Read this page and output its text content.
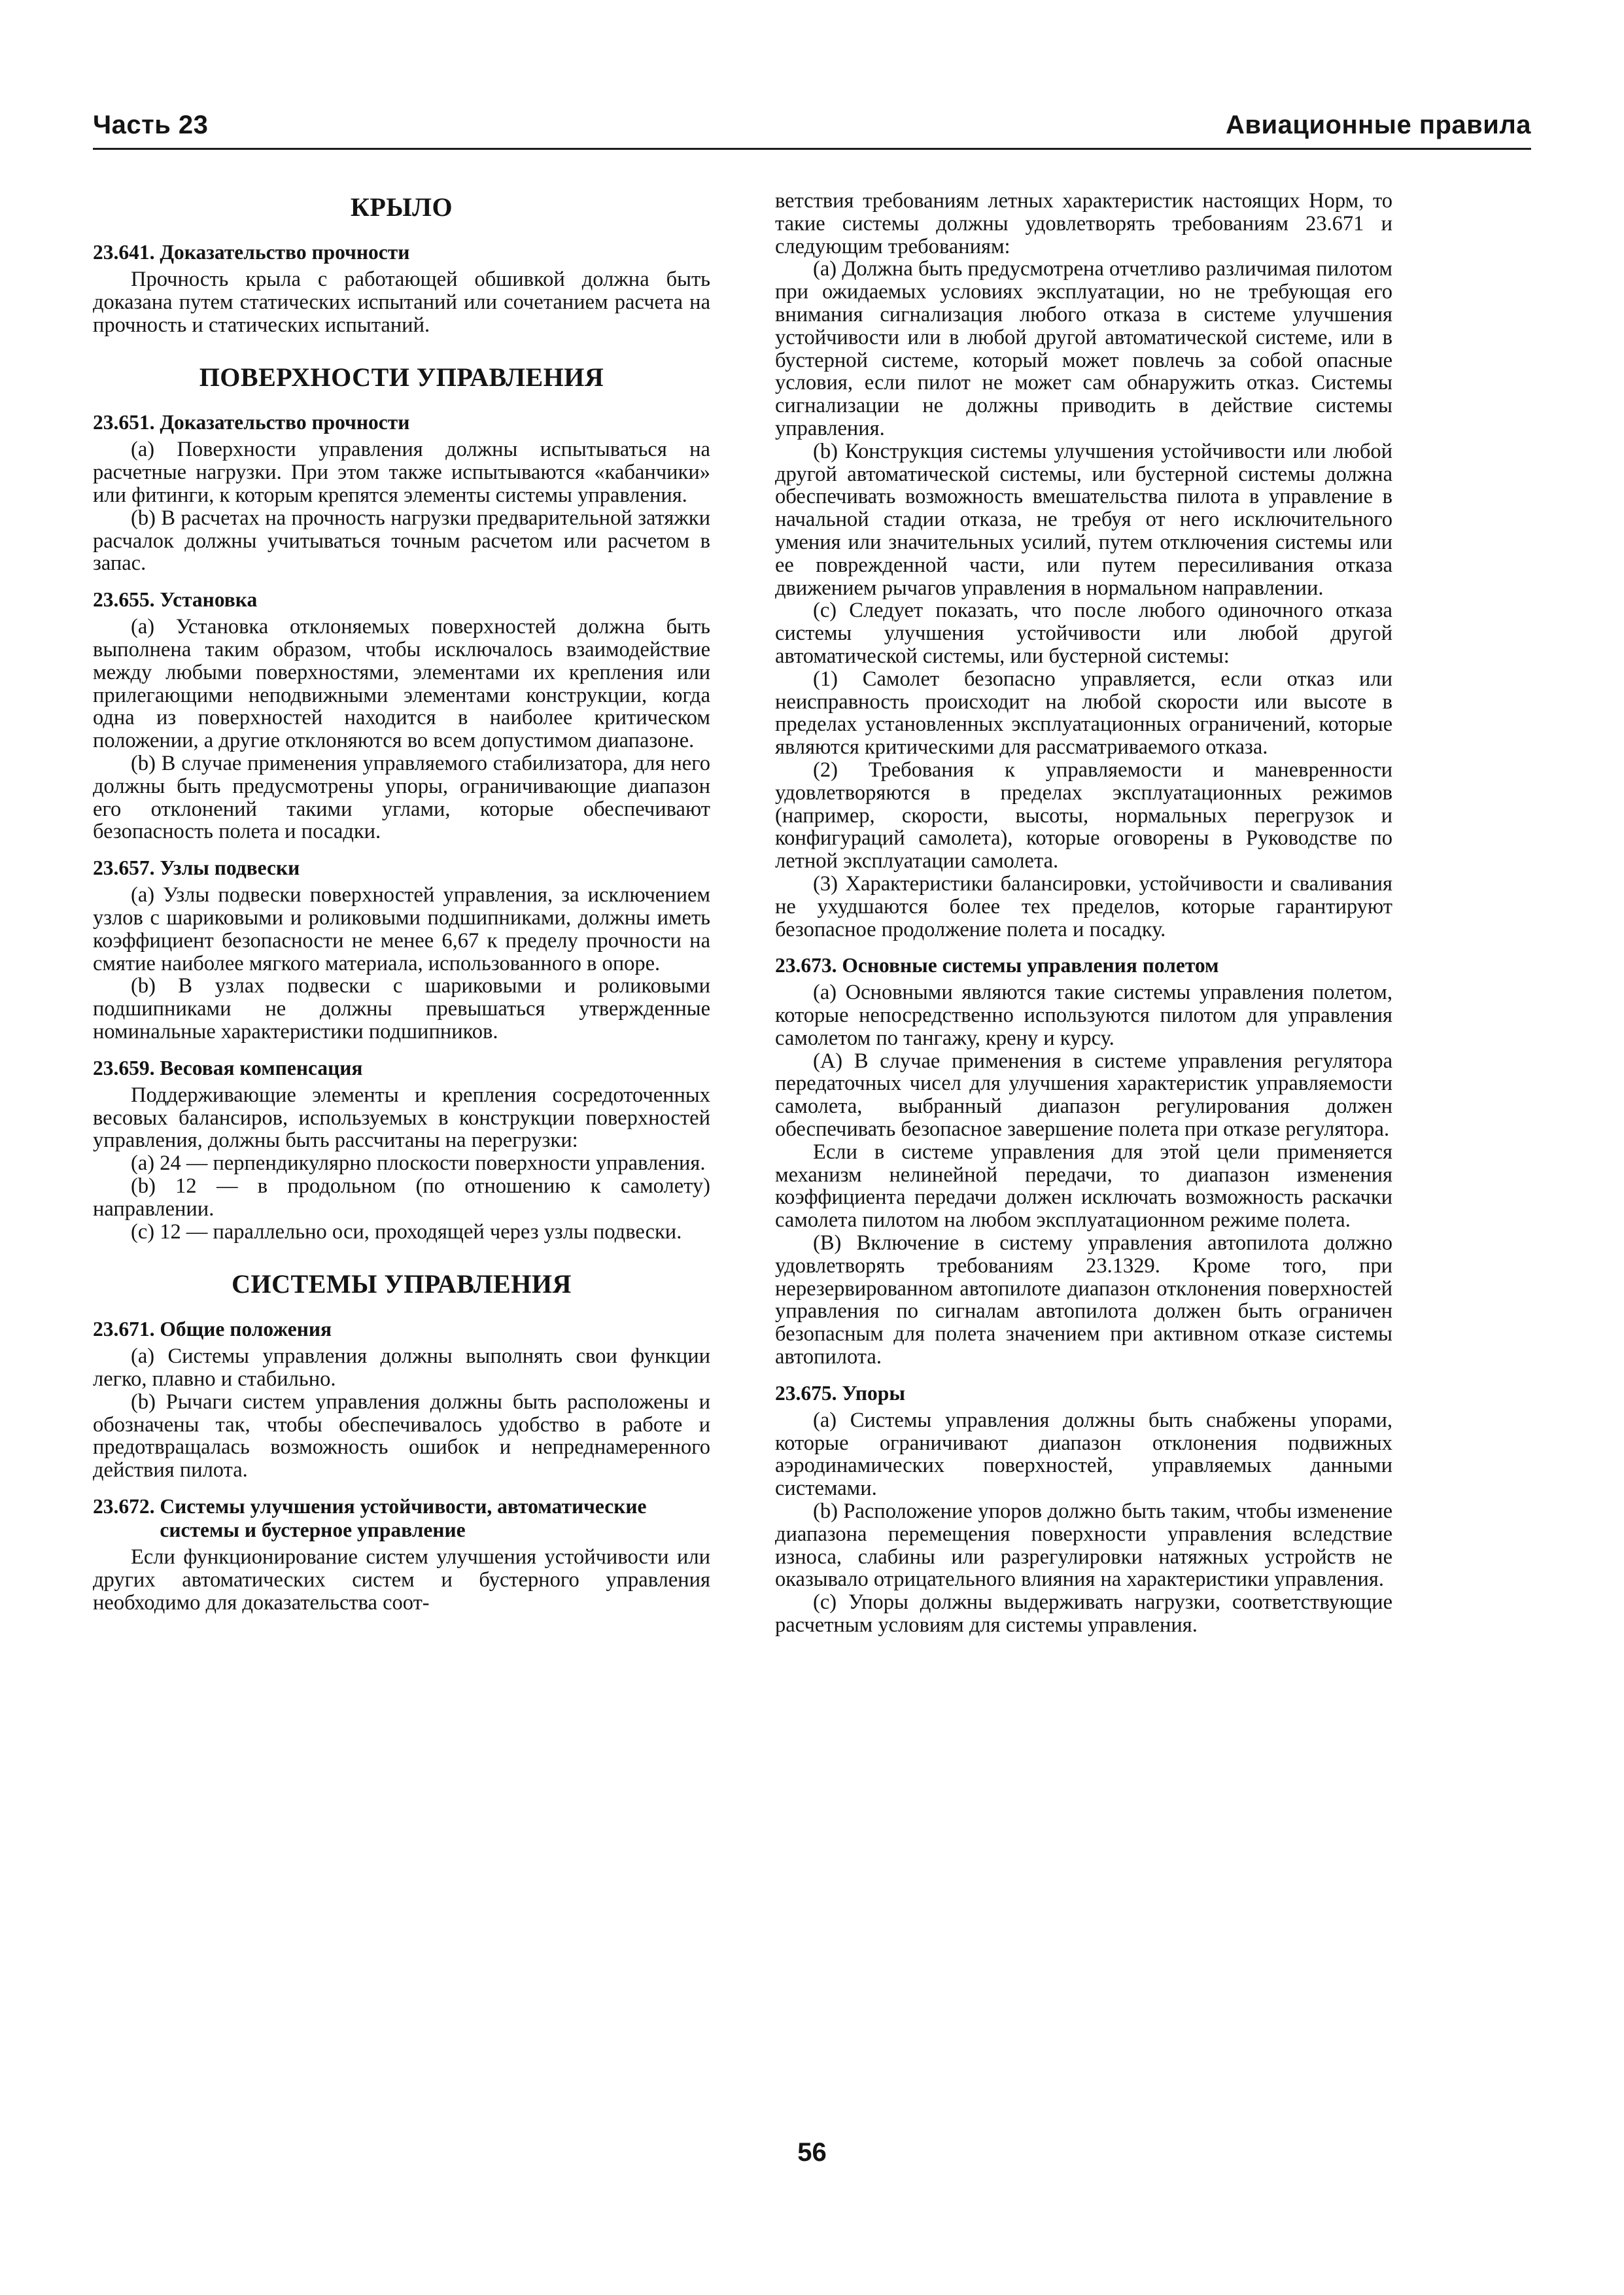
Часть 23	Авиационные правила
КРЫЛО
23.641. Доказательство прочности

Прочность крыла с работающей обшивкой должна быть доказана путем статических испытаний или сочетанием расчета на прочность и статических испытаний.

ПОВЕРХНОСТИ УПРАВЛЕНИЯ
23.651. Доказательство прочности

(a) Поверхности управления должны испытываться на расчетные нагрузки. При этом также испытываются «кабанчики» или фитинги, к которым крепятся элементы системы управления.

(b) В расчетах на прочность нагрузки предварительной затяжки расчалок должны учитываться точным расчетом или расчетом в запас.

23.655. Установка

(a) Установка отклоняемых поверхностей должна быть выполнена таким образом, чтобы исключалось взаимодействие между любыми поверхностями, элементами их крепления или прилегающими неподвижными элементами конструкции, когда одна из поверхностей находится в наиболее критическом положении, а другие отклоняются во всем допустимом диапазоне.

(b) В случае применения управляемого стабилизатора, для него должны быть предусмотрены упоры, ограничивающие диапазон его отклонений такими углами, которые обеспечивают безопасность полета и посадки.

23.657. Узлы подвески

(a) Узлы подвески поверхностей управления, за исключением узлов с шариковыми и роликовыми подшипниками, должны иметь коэффициент безопасности не менее 6,67 к пределу прочности на смятие наиболее мягкого материала, использованного в опоре.

(b) В узлах подвески с шариковыми и роликовыми подшипниками не должны превышаться утвержденные номинальные характеристики подшипников.

23.659. Весовая компенсация

Поддерживающие элементы и крепления сосредоточенных весовых балансиров, используемых в конструкции поверхностей управления, должны быть рассчитаны на перегрузки:

(a) 24 — перпендикулярно плоскости поверхности управления.

(b) 12 — в продольном (по отношению к самолету) направлении.

(c) 12 — параллельно оси, проходящей через узлы подвески.

СИСТЕМЫ УПРАВЛЕНИЯ
23.671. Общие положения

(a) Системы управления должны выполнять свои функции легко, плавно и стабильно.

(b) Рычаги систем управления должны быть расположены и обозначены так, чтобы обеспечивалось удобство в работе и предотвращалась возможность ошибок и непреднамеренного действия пилота.

23.672. Системы улучшения устойчивости, автоматические системы и бустерное управление

Если функционирование систем улучшения устойчивости или других автоматических систем и бустерного управления необходимо для доказательства соот-

ветствия требованиям летных характеристик настоящих Норм, то такие системы должны удовлетворять требованиям 23.671 и следующим требованиям:

(a) Должна быть предусмотрена отчетливо различимая пилотом при ожидаемых условиях эксплуатации, но не требующая его внимания сигнализация любого отказа в системе улучшения устойчивости или в любой другой автоматической системе, или в бустерной системе, который может повлечь за собой опасные условия, если пилот не может сам обнаружить отказ. Системы сигнализации не должны приводить в действие системы управления.

(b) Конструкция системы улучшения устойчивости или любой другой автоматической системы, или бустерной системы должна обеспечивать возможность вмешательства пилота в управление в начальной стадии отказа, не требуя от него исключительного умения или значительных усилий, путем отключения системы или ее поврежденной части, или путем пересиливания отказа движением рычагов управления в нормальном направлении.

(c) Следует показать, что после любого одиночного отказа системы улучшения устойчивости или любой другой автоматической системы, или бустерной системы:

(1) Самолет безопасно управляется, если отказ или неисправность происходит на любой скорости или высоте в пределах установленных эксплуатационных ограничений, которые являются критическими для рассматриваемого отказа.

(2) Требования к управляемости и маневренности удовлетворяются в пределах эксплуатационных режимов (например, скорости, высоты, нормальных перегрузок и конфигураций самолета), которые оговорены в Руководстве по летной эксплуатации самолета.

(3) Характеристики балансировки, устойчивости и сваливания не ухудшаются более тех пределов, которые гарантируют безопасное продолжение полета и посадку.

23.673. Основные системы управления полетом

(a) Основными являются такие системы управления полетом, которые непосредственно используются пилотом для управления самолетом по тангажу, крену и курсу.

(A) В случае применения в системе управления регулятора передаточных чисел для улучшения характеристик управляемости самолета, выбранный диапазон регулирования должен обеспечивать безопасное завершение полета при отказе регулятора.

Если в системе управления для этой цели применяется механизм нелинейной передачи, то диапазон изменения коэффициента передачи должен исключать возможность раскачки самолета пилотом на любом эксплуатационном режиме полета.

(B) Включение в систему управления автопилота должно удовлетворять требованиям 23.1329. Кроме того, при нерезервированном автопилоте диапазон отклонения поверхностей управления по сигналам автопилота должен быть ограничен безопасным для полета значением при активном отказе системы автопилота.

23.675. Упоры

(a) Системы управления должны быть снабжены упорами, которые ограничивают диапазон отклонения подвижных аэродинамических поверхностей, управляемых данными системами.

(b) Расположение упоров должно быть таким, чтобы изменение диапазона перемещения поверхности управления вследствие износа, слабины или разрегулировки натяжных устройств не оказывало отрицательного влияния на характеристики управления.

(c) Упоры должны выдерживать нагрузки, соответствующие расчетным условиям для системы управления.

56
